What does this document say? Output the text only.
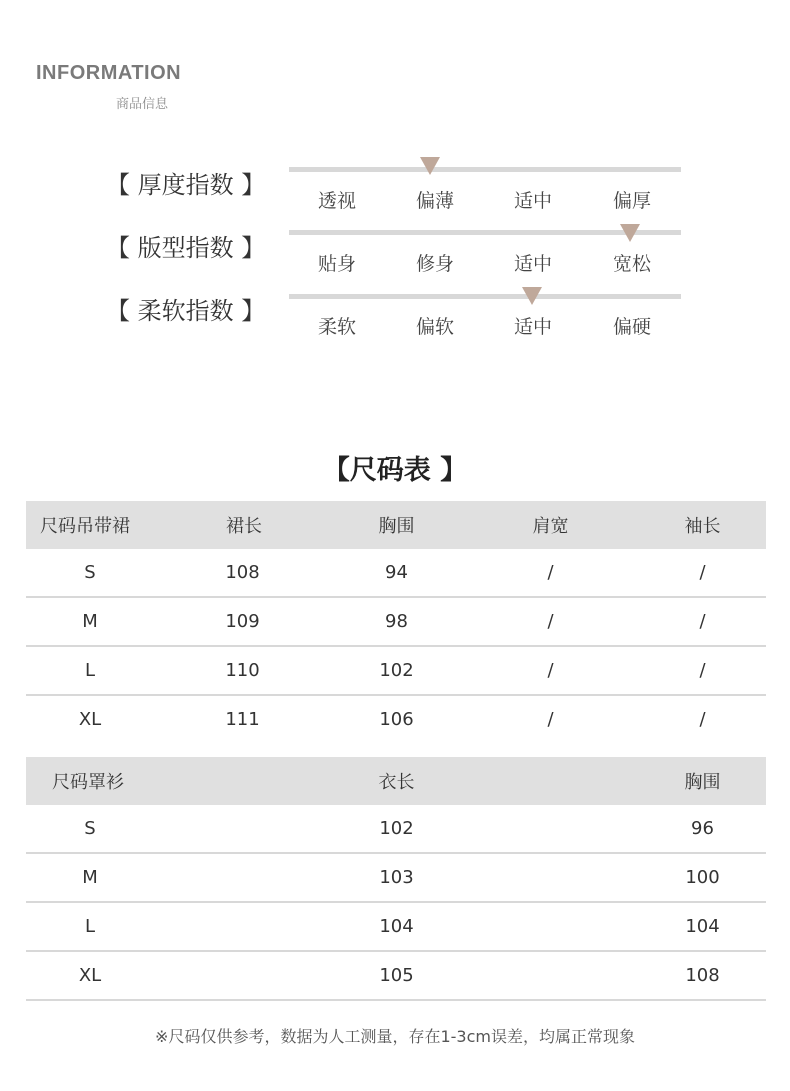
INFORMATION
商品信息
【 厚度指数 】
透视	偏薄	适中	偏厚
【 版型指数 】
贴身	修身	适中	宽松
【 柔软指数 】
柔软	偏软	适中	偏硬
【尺码表 】
尺码吊带裙	裙长	胸围	肩宽	袖长
S	108	94	/	/
M	109	98	/	/
L	110	102	/	/
XL	111	106	/	/
尺码罩衫	衣长	胸围
S	102	96
M	103	100
L	104	104
XL	105	108
※尺码仅供参考，数据为人工测量，存在1-3cm误差，均属正常现象
